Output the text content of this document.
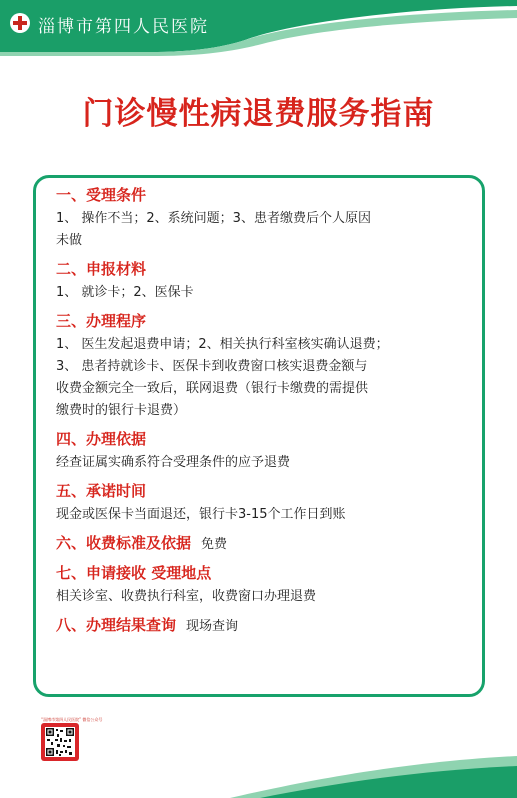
淄博市第四人民医院
门诊慢性病退费服务指南
一、受理条件
1、 操作不当；2、系统问题；3、患者缴费后个人原因
未做
二、申报材料
1、 就诊卡；2、医保卡
三、办理程序
1、 医生发起退费申请；2、相关执行科室核实确认退费；
3、 患者持就诊卡、医保卡到收费窗口核实退费金额与
收费金额完全一致后，联网退费（银行卡缴费的需提供
缴费时的银行卡退费）
四、办理依据
经查证属实确系符合受理条件的应予退费
五、承诺时间
现金或医保卡当面退还，银行卡3-15个工作日到账
六、收费标准及依据 免费
七、申请接收 受理地点
相关诊室、收费执行科室，收费窗口办理退费
八、办理结果查询 现场查询
“淄博市第四人民医院” 微信公众号
